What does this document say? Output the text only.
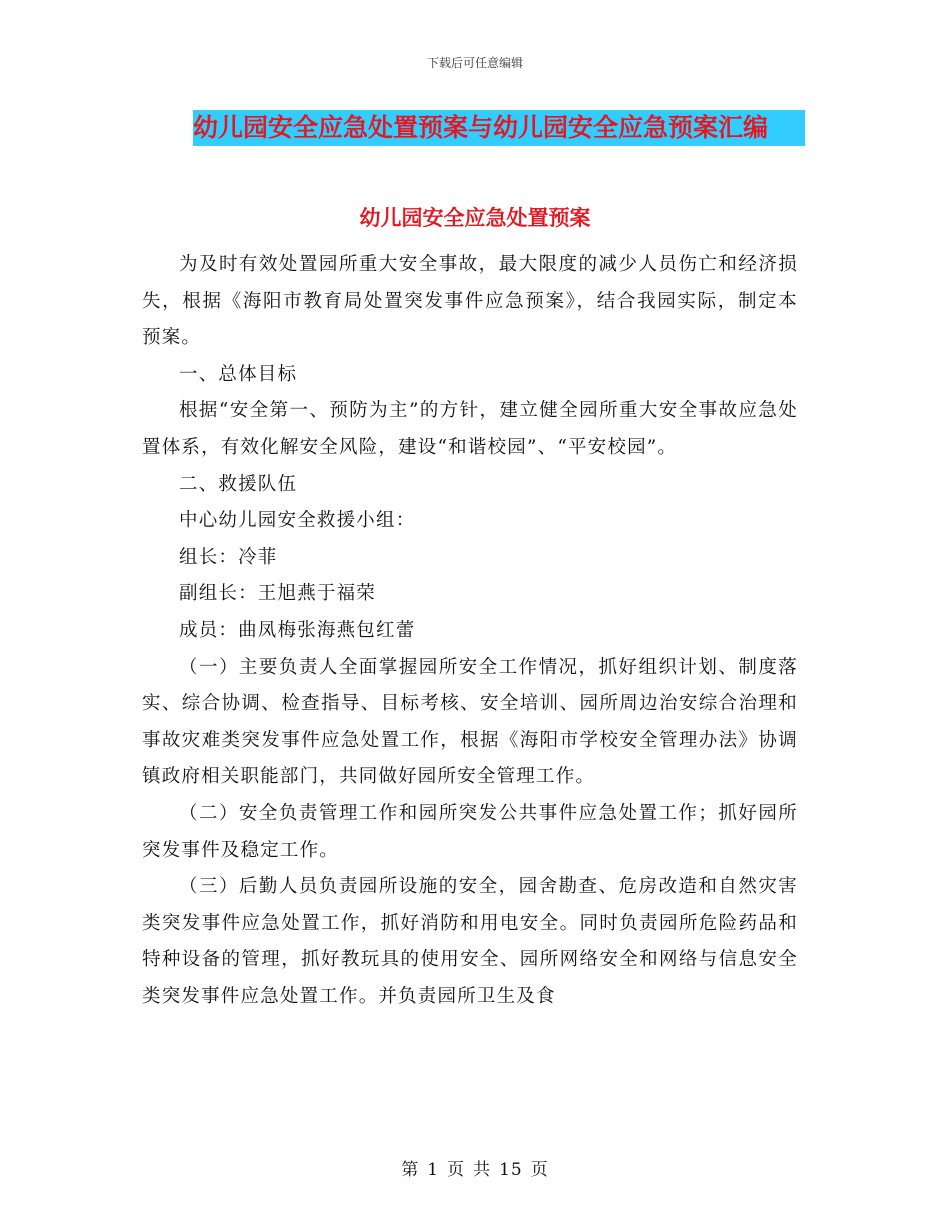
下载后可任意编辑
幼儿园安全应急处置预案与幼儿园安全应急预案汇编
幼儿园安全应急处置预案

为及时有效处置园所重大安全事故，最大限度的减少人员伤亡和经济损失，根据《海阳市教育局处置突发事件应急预案》，结合我园实际，制定本预案。

一、总体目标

根据“安全第一、预防为主”的方针，建立健全园所重大安全事故应急处置体系，有效化解安全风险，建设“和谐校园”、“平安校园”。

二、救援队伍

中心幼儿园安全救援小组：

组长：冷菲

副组长：王旭燕于福荣

成员：曲凤梅张海燕包红蕾

（一）主要负责人全面掌握园所安全工作情况，抓好组织计划、制度落实、综合协调、检查指导、目标考核、安全培训、园所周边治安综合治理和事故灾难类突发事件应急处置工作，根据《海阳市学校安全管理办法》协调镇政府相关职能部门，共同做好园所安全管理工作。

（二）安全负责管理工作和园所突发公共事件应急处置工作；抓好园所突发事件及稳定工作。

（三）后勤人员负责园所设施的安全，园舍勘查、危房改造和自然灾害类突发事件应急处置工作，抓好消防和用电安全。同时负责园所危险药品和特种设备的管理，抓好教玩具的使用安全、园所网络安全和网络与信息安全类突发事件应急处置工作。并负责园所卫生及食

第 1 页 共 15 页
